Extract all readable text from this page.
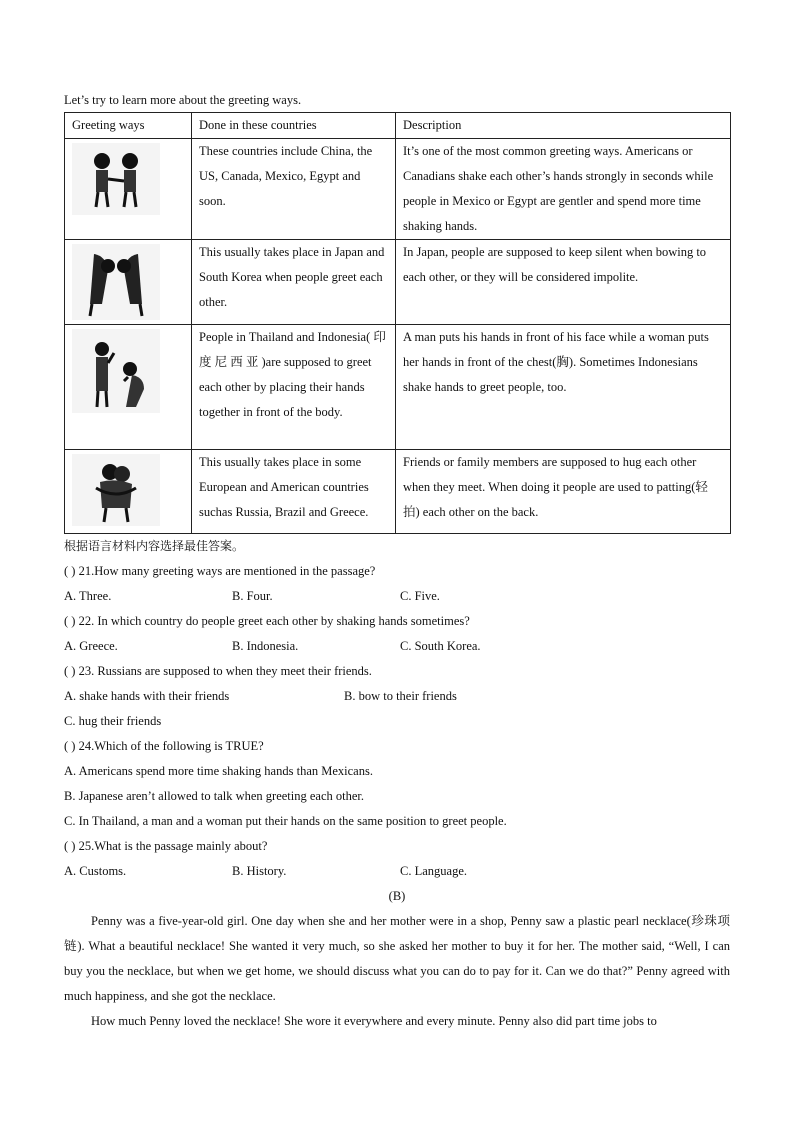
Let’s try to learn more about the greeting ways.

Greeting ways	Done in these countries	Description

	These countries include China, the US, Canada, Mexico, Egypt and soon.	It’s one of the most common greeting ways. Americans or Canadians shake each other’s hands strongly in seconds while people in Mexico or Egypt are gentler and spend more time shaking hands.

	This usually takes place in Japan and South Korea when people greet each other.	In Japan, people are supposed to keep silent when bowing to each other, or they will be considered impolite.

	People in Thailand and Indonesia( 印 度 尼 西 亚 )are supposed to greet each other by placing their hands together in front of the body.	A man puts his hands in front of his face while a woman puts her hands in front of the chest(胸). Sometimes Indonesians shake hands to greet people, too.

	This usually takes place in some European and American countries suchas Russia, Brazil and Greece.	Friends or family members are supposed to hug each other when they meet. When doing it people are used to patting(轻拍) each other on the back.

根据语言材料内容选择最佳答案。

( ) 21.How many greeting ways are mentioned in the passage?

A. Three.	B. Four.	C. Five.

( ) 22. In which country do people greet each other by shaking hands sometimes?

A. Greece.	B. Indonesia.	C. South Korea.

( ) 23. Russians are supposed to when they meet their friends.

A. shake hands with their friends	B. bow to their friends

C. hug their friends

( ) 24.Which of the following is TRUE?

A. Americans spend more time shaking hands than Mexicans.

B. Japanese aren’t allowed to talk when greeting each other.

C. In Thailand, a man and a woman put their hands on the same position to greet people.

( ) 25.What is the passage mainly about?

A. Customs.	B. History.	C. Language.

(B)

Penny was a five-year-old girl. One day when she and her mother were in a shop, Penny saw a plastic pearl necklace(珍珠项链). What a beautiful necklace! She wanted it very much, so she asked her mother to buy it for her. The mother said, “Well, I can buy you the necklace, but when we get home, we should discuss what you can do to pay for it. Can we do that?” Penny agreed with much happiness, and she got the necklace.

How much Penny loved the necklace! She wore it everywhere and every minute. Penny also did part time jobs to
